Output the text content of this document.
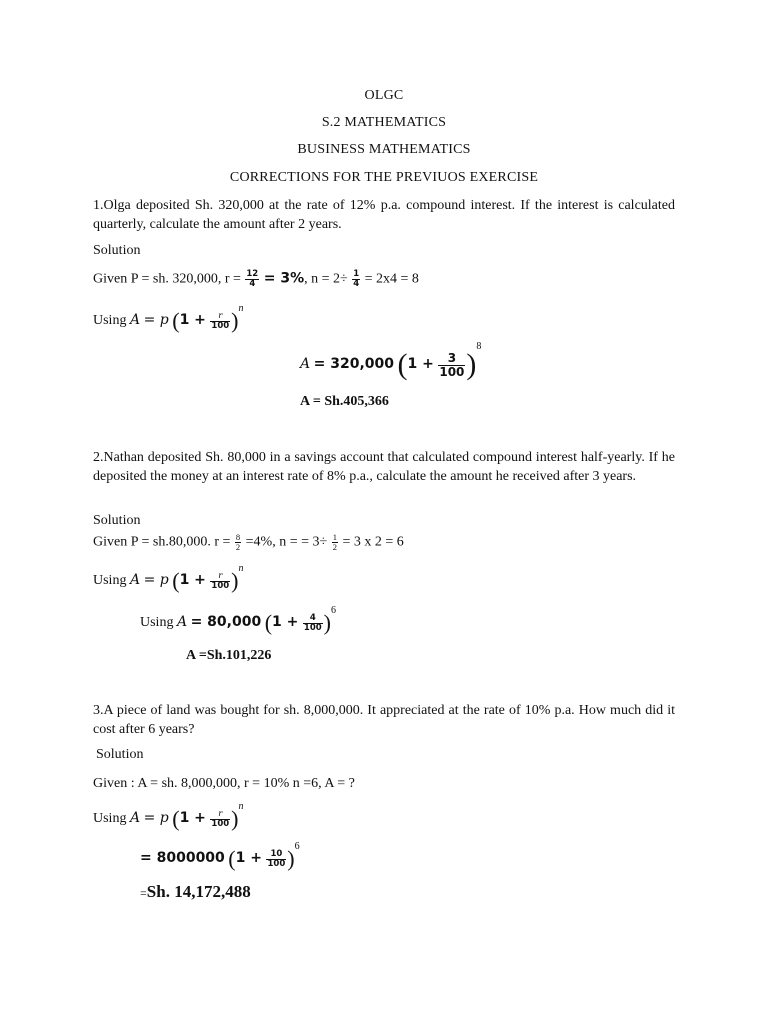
OLGC
S.2 MATHEMATICS
BUSINESS MATHEMATICS
CORRECTIONS FOR THE PREVIUOS EXERCISE
1.Olga deposited Sh. 320,000 at the rate of 12% p.a. compound interest. If the interest is calculated quarterly, calculate the amount after 2 years.
Solution
Given P = sh. 320,000, $r = \frac{12}{4} = 3\%$, $n = 2\div \frac{1}{4} = 2x4 = 8$
Using A = p $(1 + \frac{r}{100} )^n$
A = 320,000 $(1 + \frac{3}{100} )^8$
A = Sh.405,366
2.Nathan deposited Sh. 80,000 in a savings account that calculated compound interest half-yearly. If he deposited the money at an interest rate of 8% p.a., calculate the amount he received after 3 years.
Solution
Given P = sh.80,000. $r = \frac{8}{2} =4\%$, n = = $3\div \frac{1}{2} = 3$ x 2 = 6
Using A = p $(1 + \frac{r}{100} )^n$
Using A = 80,000 $(1 + \frac{4}{100} )^6$
A =Sh.101,226
3.A piece of land was bought for sh. 8,000,000. It appreciated at the rate of 10% p.a. How much did it cost after 6 years?
Solution
Given : A = sh. 8,000,000, r = 10% n =6, A = ?
Using A = p $(1 + \frac{r}{100} )^n$
= 8000000 $(1 + \frac{10}{100} )^6$
=Sh. 14,172,488
